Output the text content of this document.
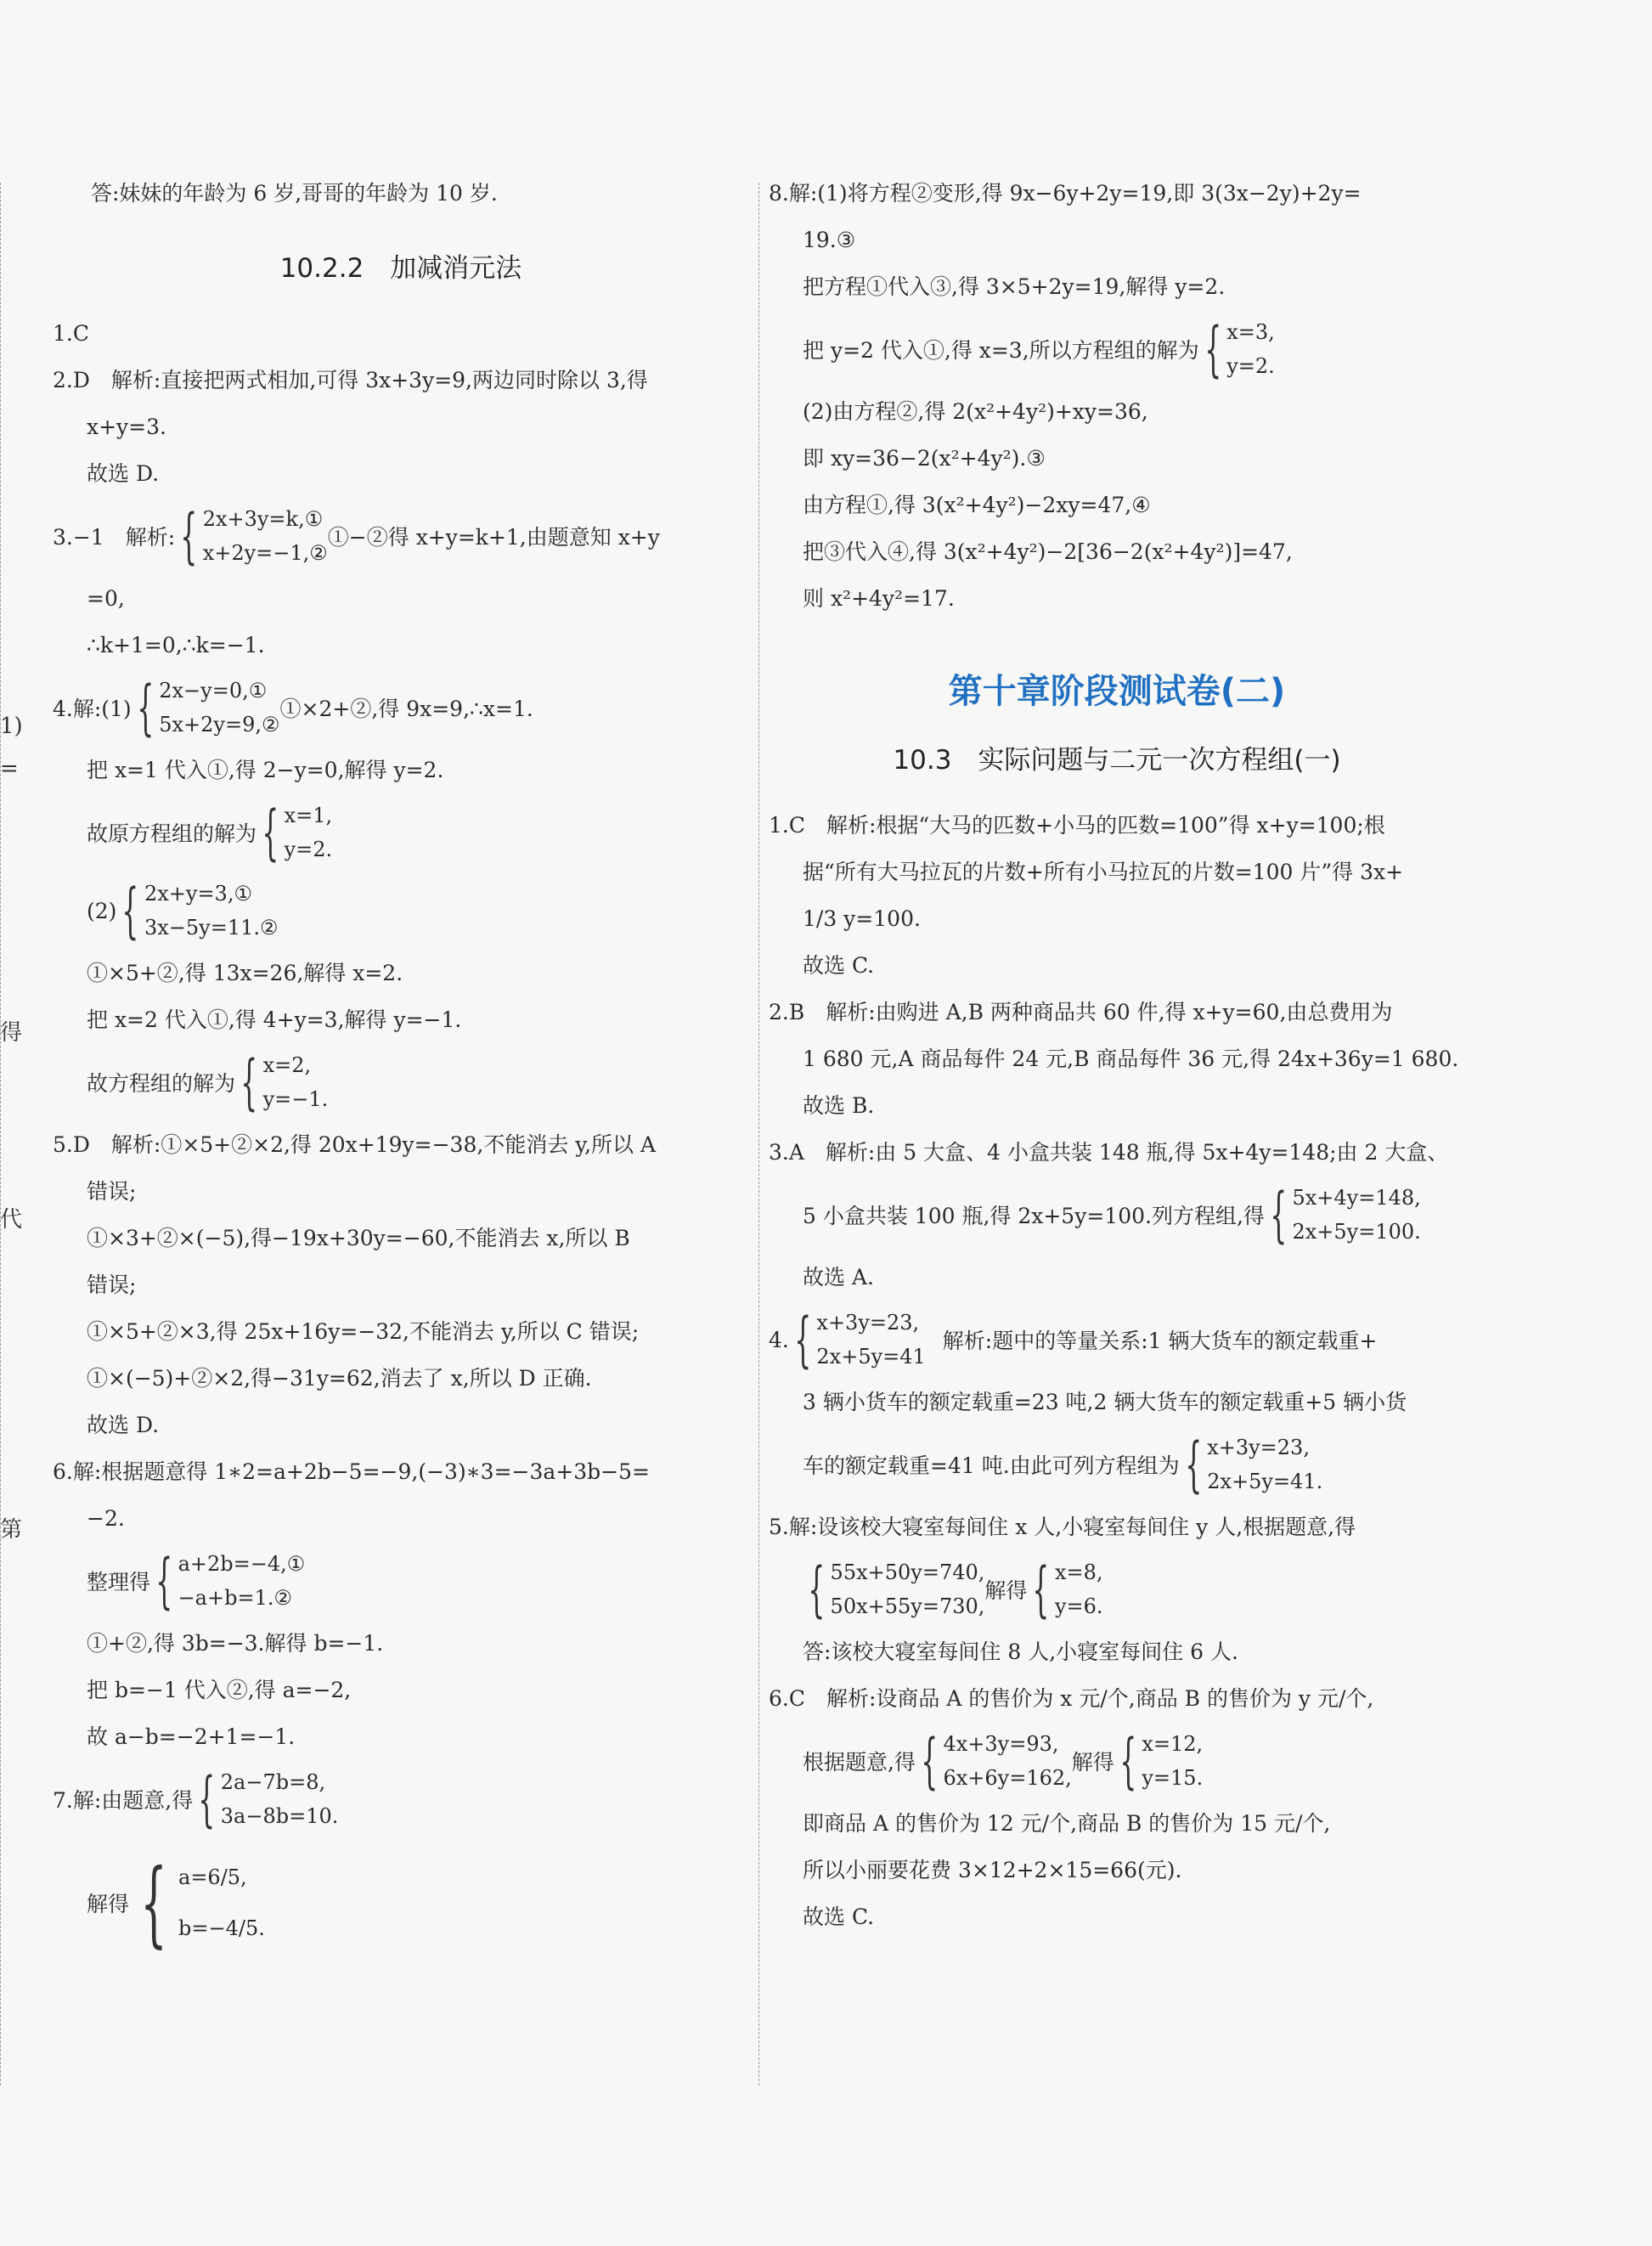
1)
=
得
代
第
答:妹妹的年龄为 6 岁,哥哥的年龄为 10 岁.
10.2.2　加减消元法
1.C
2.D　解析:直接把两式相加,可得 3x+3y=9,两边同时除以 3,得
x+y=3.
故选 D.
3.−1　解析: { 2x+3y=k,①
x+2y=−1,②
①−②得 x+y=k+1,由题意知 x+y
=0,
∴k+1=0,∴k=−1.
4.解:(1) { 2x−y=0,①
5x+2y=9,②
①×2+②,得 9x=9,∴x=1.
把 x=1 代入①,得 2−y=0,解得 y=2.
故原方程组的解为 { x=1,
y=2.
(2) { 2x+y=3,①
3x−5y=11.②
①×5+②,得 13x=26,解得 x=2.
把 x=2 代入①,得 4+y=3,解得 y=−1.
故方程组的解为 { x=2,
y=−1.
5.D　解析:①×5+②×2,得 20x+19y=−38,不能消去 y,所以 A
错误;
①×3+②×(−5),得−19x+30y=−60,不能消去 x,所以 B
错误;
①×5+②×3,得 25x+16y=−32,不能消去 y,所以 C 错误;
①×(−5)+②×2,得−31y=62,消去了 x,所以 D 正确.
故选 D.
6.解:根据题意得 1∗2=a+2b−5=−9,(−3)∗3=−3a+3b−5=
−2.
整理得 { a+2b=−4,①
−a+b=1.②
①+②,得 3b=−3.解得 b=−1.
把 b=−1 代入②,得 a=−2,
故 a−b=−2+1=−1.
7.解:由题意,得 { 2a−7b=8,
3a−8b=10.
解得 { a=6/5,
b=−4/5.
8.解:(1)将方程②变形,得 9x−6y+2y=19,即 3(3x−2y)+2y=
19.③
把方程①代入③,得 3×5+2y=19,解得 y=2.
把 y=2 代入①,得 x=3,所以方程组的解为 { x=3,
y=2.
(2)由方程②,得 2(x²+4y²)+xy=36,
即 xy=36−2(x²+4y²).③
由方程①,得 3(x²+4y²)−2xy=47,④
把③代入④,得 3(x²+4y²)−2[36−2(x²+4y²)]=47,
则 x²+4y²=17.
第十章阶段测试卷(二)
10.3　实际问题与二元一次方程组(一)
1.C　解析:根据“大马的匹数+小马的匹数=100”得 x+y=100;根
据“所有大马拉瓦的片数+所有小马拉瓦的片数=100 片”得 3x+
1/3 y=100.
故选 C.
2.B　解析:由购进 A,B 两种商品共 60 件,得 x+y=60,由总费用为
1 680 元,A 商品每件 24 元,B 商品每件 36 元,得 24x+36y=1 680.
故选 B.
3.A　解析:由 5 大盒、4 小盒共装 148 瓶,得 5x+4y=148;由 2 大盒、
5 小盒共装 100 瓶,得 2x+5y=100.列方程组,得 { 5x+4y=148,
2x+5y=100.
故选 A.
4. { x+3y=23,
2x+5y=41
解析:题中的等量关系:1 辆大货车的额定载重+
3 辆小货车的额定载重=23 吨,2 辆大货车的额定载重+5 辆小货
车的额定载重=41 吨.由此可列方程组为 { x+3y=23,
2x+5y=41.
5.解:设该校大寝室每间住 x 人,小寝室每间住 y 人,根据题意,得
{ 55x+50y=740,
50x+55y=730,
解得 { x=8,
y=6.
答:该校大寝室每间住 8 人,小寝室每间住 6 人.
6.C　解析:设商品 A 的售价为 x 元/个,商品 B 的售价为 y 元/个,
根据题意,得 { 4x+3y=93,
6x+6y=162,
解得 { x=12,
y=15.
即商品 A 的售价为 12 元/个,商品 B 的售价为 15 元/个,
所以小丽要花费 3×12+2×15=66(元).
故选 C.
